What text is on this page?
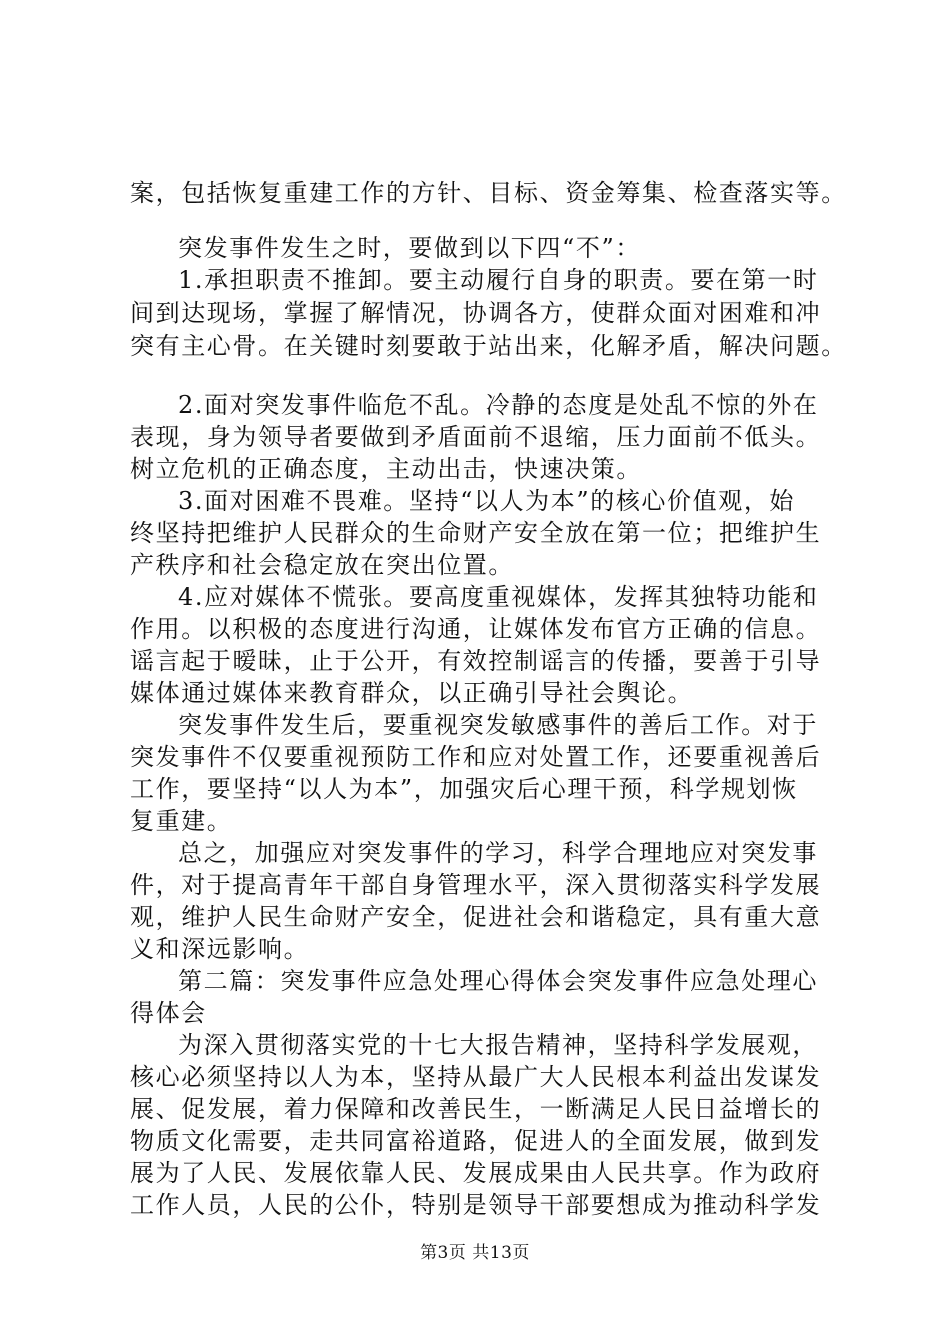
案，包括恢复重建工作的方针、目标、资金筹集、检查落实等。
突发事件发生之时，要做到以下四“不”：
1.承担职责不推卸。要主动履行自身的职责。要在第一时
间到达现场，掌握了解情况，协调各方，使群众面对困难和冲
突有主心骨。在关键时刻要敢于站出来，化解矛盾，解决问题。
2.面对突发事件临危不乱。冷静的态度是处乱不惊的外在
表现，身为领导者要做到矛盾面前不退缩，压力面前不低头。
树立危机的正确态度，主动出击，快速决策。
3.面对困难不畏难。坚持“以人为本”的核心价值观，始
终坚持把维护人民群众的生命财产安全放在第一位；把维护生
产秩序和社会稳定放在突出位置。
4.应对媒体不慌张。要高度重视媒体，发挥其独特功能和
作用。以积极的态度进行沟通，让媒体发布官方正确的信息。
谣言起于暧昧，止于公开，有效控制谣言的传播，要善于引导
媒体通过媒体来教育群众，以正确引导社会舆论。
突发事件发生后，要重视突发敏感事件的善后工作。对于
突发事件不仅要重视预防工作和应对处置工作，还要重视善后
工作，要坚持“以人为本”，加强灾后心理干预，科学规划恢
复重建。
总之，加强应对突发事件的学习，科学合理地应对突发事
件，对于提高青年干部自身管理水平，深入贯彻落实科学发展
观，维护人民生命财产安全，促进社会和谐稳定，具有重大意
义和深远影响。
第二篇：突发事件应急处理心得体会突发事件应急处理心
得体会
为深入贯彻落实党的十七大报告精神，坚持科学发展观，
核心必须坚持以人为本，坚持从最广大人民根本利益出发谋发
展、促发展，着力保障和改善民生，一断满足人民日益增长的
物质文化需要，走共同富裕道路，促进人的全面发展，做到发
展为了人民、发展依靠人民、发展成果由人民共享。作为政府
工作人员，人民的公仆，特别是领导干部要想成为推动科学发
第3页 共13页
